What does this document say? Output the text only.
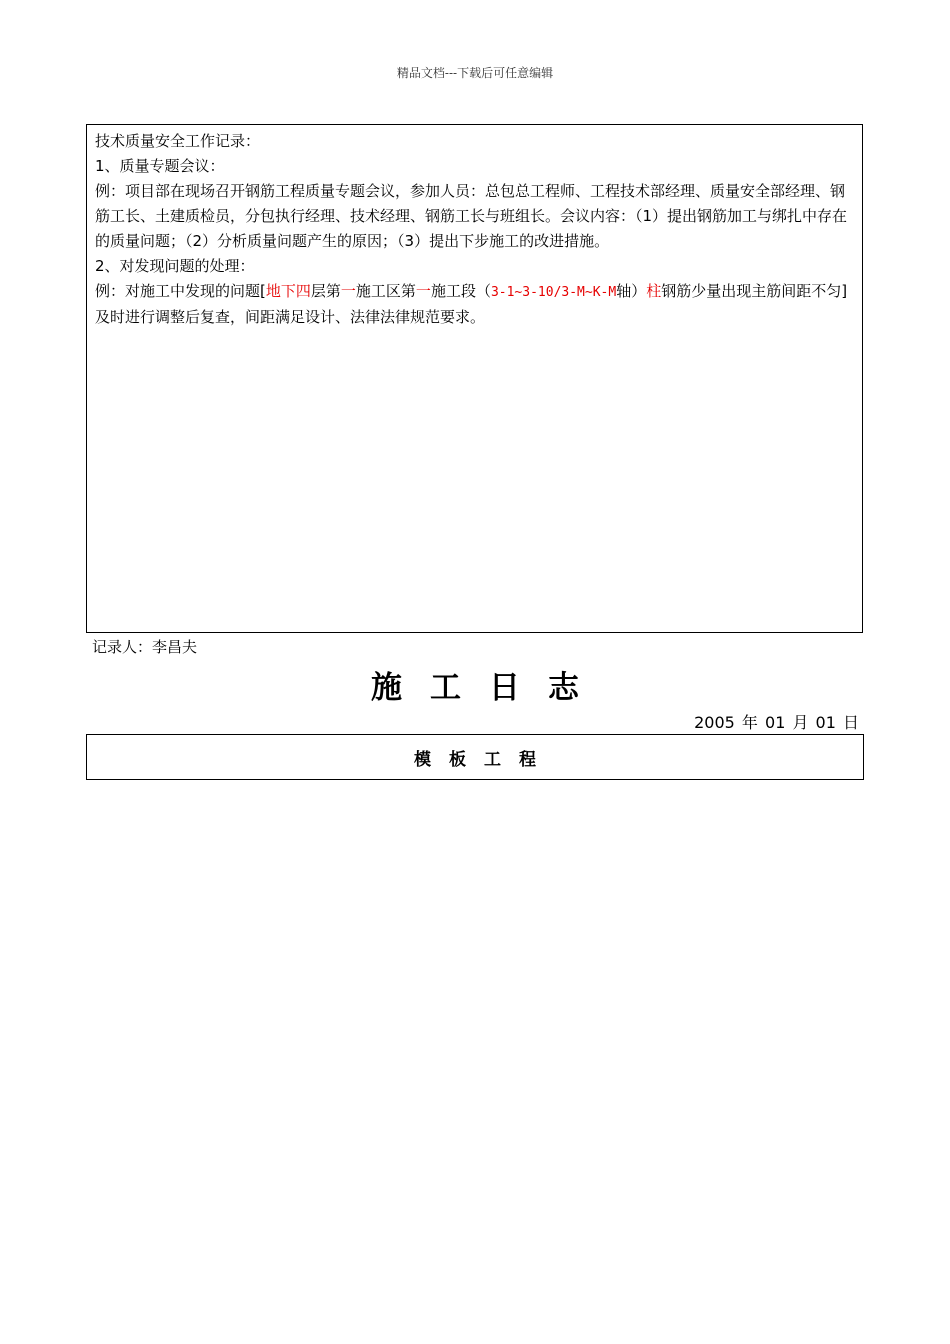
精品文档---下载后可任意编辑

技术质量安全工作记录：

1、质量专题会议：

例：项目部在现场召开钢筋工程质量专题会议，参加人员：总包总工程师、工程技术部经理、质量安全部经理、钢筋工长、土建质检员，分包执行经理、技术经理、钢筋工长与班组长。会议内容：（1）提出钢筋加工与绑扎中存在的质量问题；（2）分析质量问题产生的原因；（3）提出下步施工的改进措施。

2、对发现问题的处理：

例：对施工中发现的问题[地下四层第一施工区第一施工段（3-1~3-10/3-M~K-M轴）柱钢筋少量出现主筋间距不匀]及时进行调整后复查，间距满足设计、法律法律规范要求。

记录人：李昌夫
施工日志
2005 年 01 月 01 日
模板工程
